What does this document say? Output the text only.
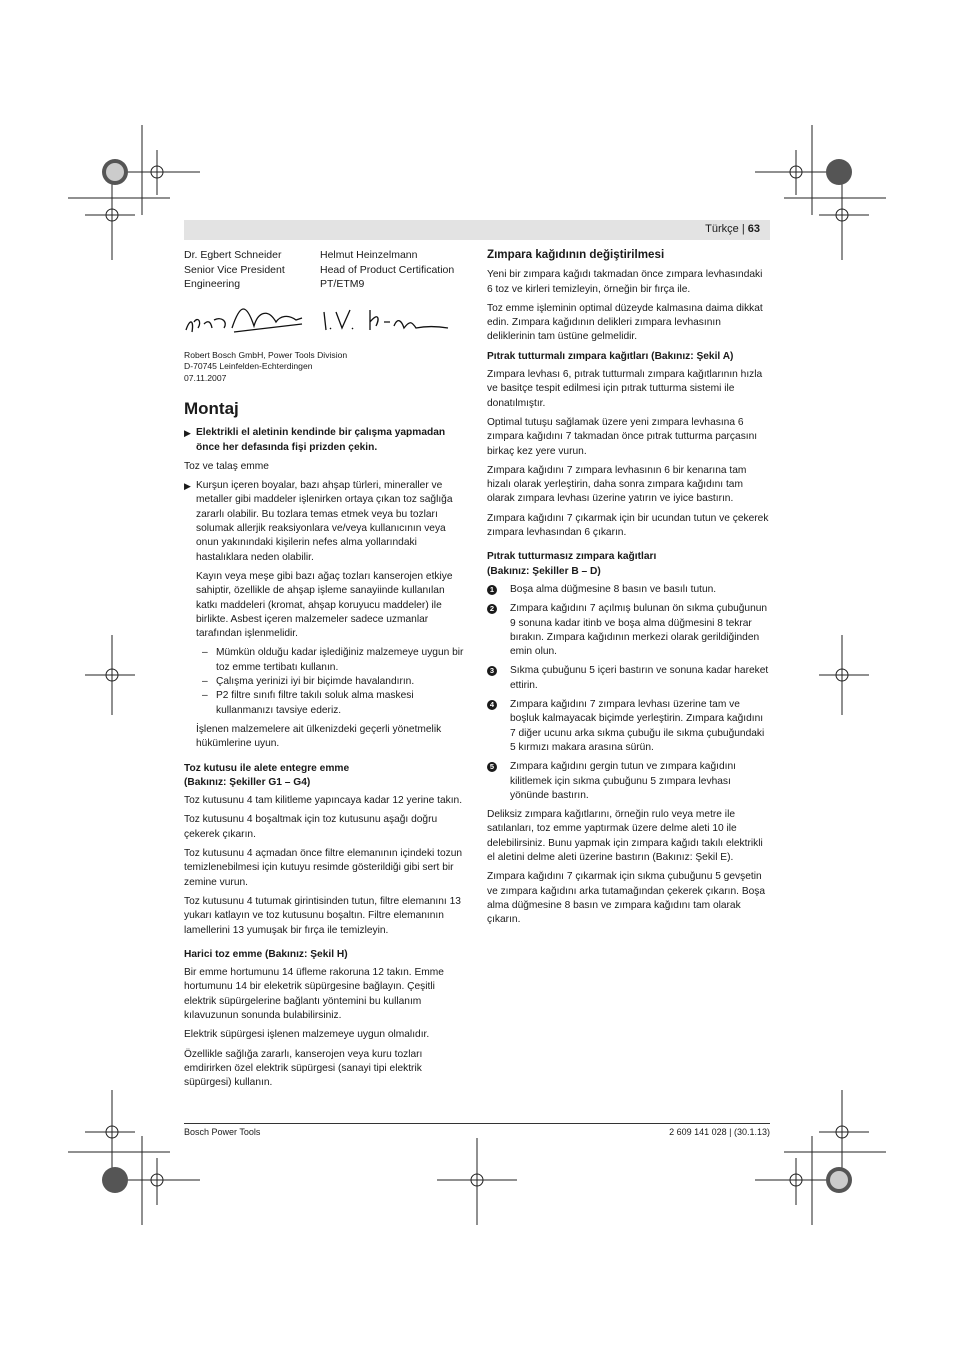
Türkçe | 63
Dr. Egbert Schneider
Senior Vice President
Engineering
Helmut Heinzelmann
Head of Product Certification
PT/ETM9
Robert Bosch GmbH, Power Tools Division
D-70745 Leinfelden-Echterdingen
07.11.2007
Montaj
▶ Elektrikli el aletinin kendinde bir çalışma yapmadan önce her defasında fişi prizden çekin.

Toz ve talaş emme

▶ Kurşun içeren boyalar, bazı ahşap türleri, mineraller ve metaller gibi maddeler işlenirken ortaya çıkan toz sağlığa zararlı olabilir. Bu tozlara temas etmek veya bu tozları solumak allerjik reaksiyonlara ve/veya kullanıcının veya onun yakınındaki kişilerin nefes alma yollarındaki hastalıklara neden olabilir.

Kayın veya meşe gibi bazı ağaç tozları kanserojen etkiye sahiptir, özellikle de ahşap işleme sanayiinde kullanılan katkı maddeleri (kromat, ahşap koruyucu maddeler) ile birlikte. Asbest içeren malzemeler sadece uzmanlar tarafından işlenmelidir.

– Mümkün olduğu kadar işlediğiniz malzemeye uygun bir toz emme tertibatı kullanın.
– Çalışma yerinizi iyi bir biçimde havalandırın.
– P2 filtre sınıfı filtre takılı soluk alma maskesi kullanmanızı tavsiye ederiz.

İşlenen malzemelere ait ülkenizdeki geçerli yönetmelik hükümlerine uyun.

Toz kutusu ile alete entegre emme
(Bakınız: Şekiller G1 – G4)

Toz kutusunu 4 tam kilitleme yapıncaya kadar 12 yerine takın.

Toz kutusunu 4 boşaltmak için toz kutusunu aşağı doğru çekerek çıkarın.

Toz kutusunu 4 açmadan önce filtre elemanının içindeki tozun temizlenebilmesi için kutuyu resimde gösterildiği gibi sert bir zemine vurun.

Toz kutusunu 4 tutumak girintisinden tutun, filtre elemanını 13 yukarı katlayın ve toz kutusunu boşaltın. Filtre elemanının lamellerini 13 yumuşak bir fırça ile temizleyin.

Harici toz emme (Bakınız: Şekil H)

Bir emme hortumunu 14 üfleme rakoruna 12 takın. Emme hortumunu 14 bir eleketrik süpürgesine bağlayın. Çeşitli elektrik süpürgelerine bağlantı yöntemini bu kullanım kılavuzunun sonunda bulabilirsiniz.

Elektrik süpürgesi işlenen malzemeye uygun olmalıdır.

Özellikle sağlığa zararlı, kanserojen veya kuru tozları emdirirken özel elektrik süpürgesi (sanayi tipi elektrik süpürgesi) kullanın.

Zımpara kağıdının değiştirilmesi

Yeni bir zımpara kağıdı takmadan önce zımpara levhasındaki 6 toz ve kirleri temizleyin, örneğin bir fırça ile.

Toz emme işleminin optimal düzeyde kalmasına daima dikkat edin. Zımpara kağıdının delikleri zımpara levhasının deliklerinin tam üstüne gelmelidir.

Pıtrak tutturmalı zımpara kağıtları (Bakınız: Şekil A)

Zımpara levhası 6, pıtrak tutturmalı zımpara kağıtlarının hızla ve basitçe tespit edilmesi için pıtrak tutturma sistemi ile donatılmıştır.

Optimal tutuşu sağlamak üzere yeni zımpara levhasına 6 zımpara kağıdını 7 takmadan önce pıtrak tutturma parçasını birkaç kez yere vurun.

Zımpara kağıdını 7 zımpara levhasının 6 bir kenarına tam hizalı olarak yerleştirin, daha sonra zımpara kağıdını tam olarak zımpara levhası üzerine yatırın ve iyice bastırın.

Zımpara kağıdını 7 çıkarmak için bir ucundan tutun ve çekerek zımpara levhasından 6 çıkarın.

Pıtrak tutturmasız zımpara kağıtları
(Bakınız: Şekiller B – D)
1 Boşa alma düğmesine 8 basın ve basılı tutun.
2 Zımpara kağıdını 7 açılmış bulunan ön sıkma çubuğunun 9 sonuna kadar itinb ve boşa alma düğmesini 8 tekrar bırakın. Zımpara kağıdının merkezi olarak gerildiğinden emin olun.
3 Sıkma çubuğunu 5 içeri bastırın ve sonuna kadar hareket ettirin.
4 Zımpara kağıdını 7 zımpara levhası üzerine tam ve boşluk kalmayacak biçimde yerleştirin. Zımpara kağıdını 7 diğer ucunu arka sıkma çubuğu ile sıkma çubuğundaki 5 kırmızı makara arasına sürün.
5 Zımpara kağıdını gergin tutun ve zımpara kağıdını kilitlemek için sıkma çubuğunu 5 zımpara levhası yönünde bastırın.

Deliksiz zımpara kağıtlarını, örneğin rulo veya metre ile satılanları, toz emme yaptırmak üzere delme aleti 10 ile delebilirsiniz. Bunu yapmak için zımpara kağıdı takılı elektrikli el aletini delme aleti üzerine bastırın (Bakınız: Şekil E).

Zımpara kağıdını 7 çıkarmak için sıkma çubuğunu 5 gevşetin ve zımpara kağıdını arka tutamağından çekerek çıkarın. Boşa alma düğmesine 8 basın ve zımpara kağıdını tam olarak çıkarın.

Bosch Power Tools	2 609 141 028 | (30.1.13)
